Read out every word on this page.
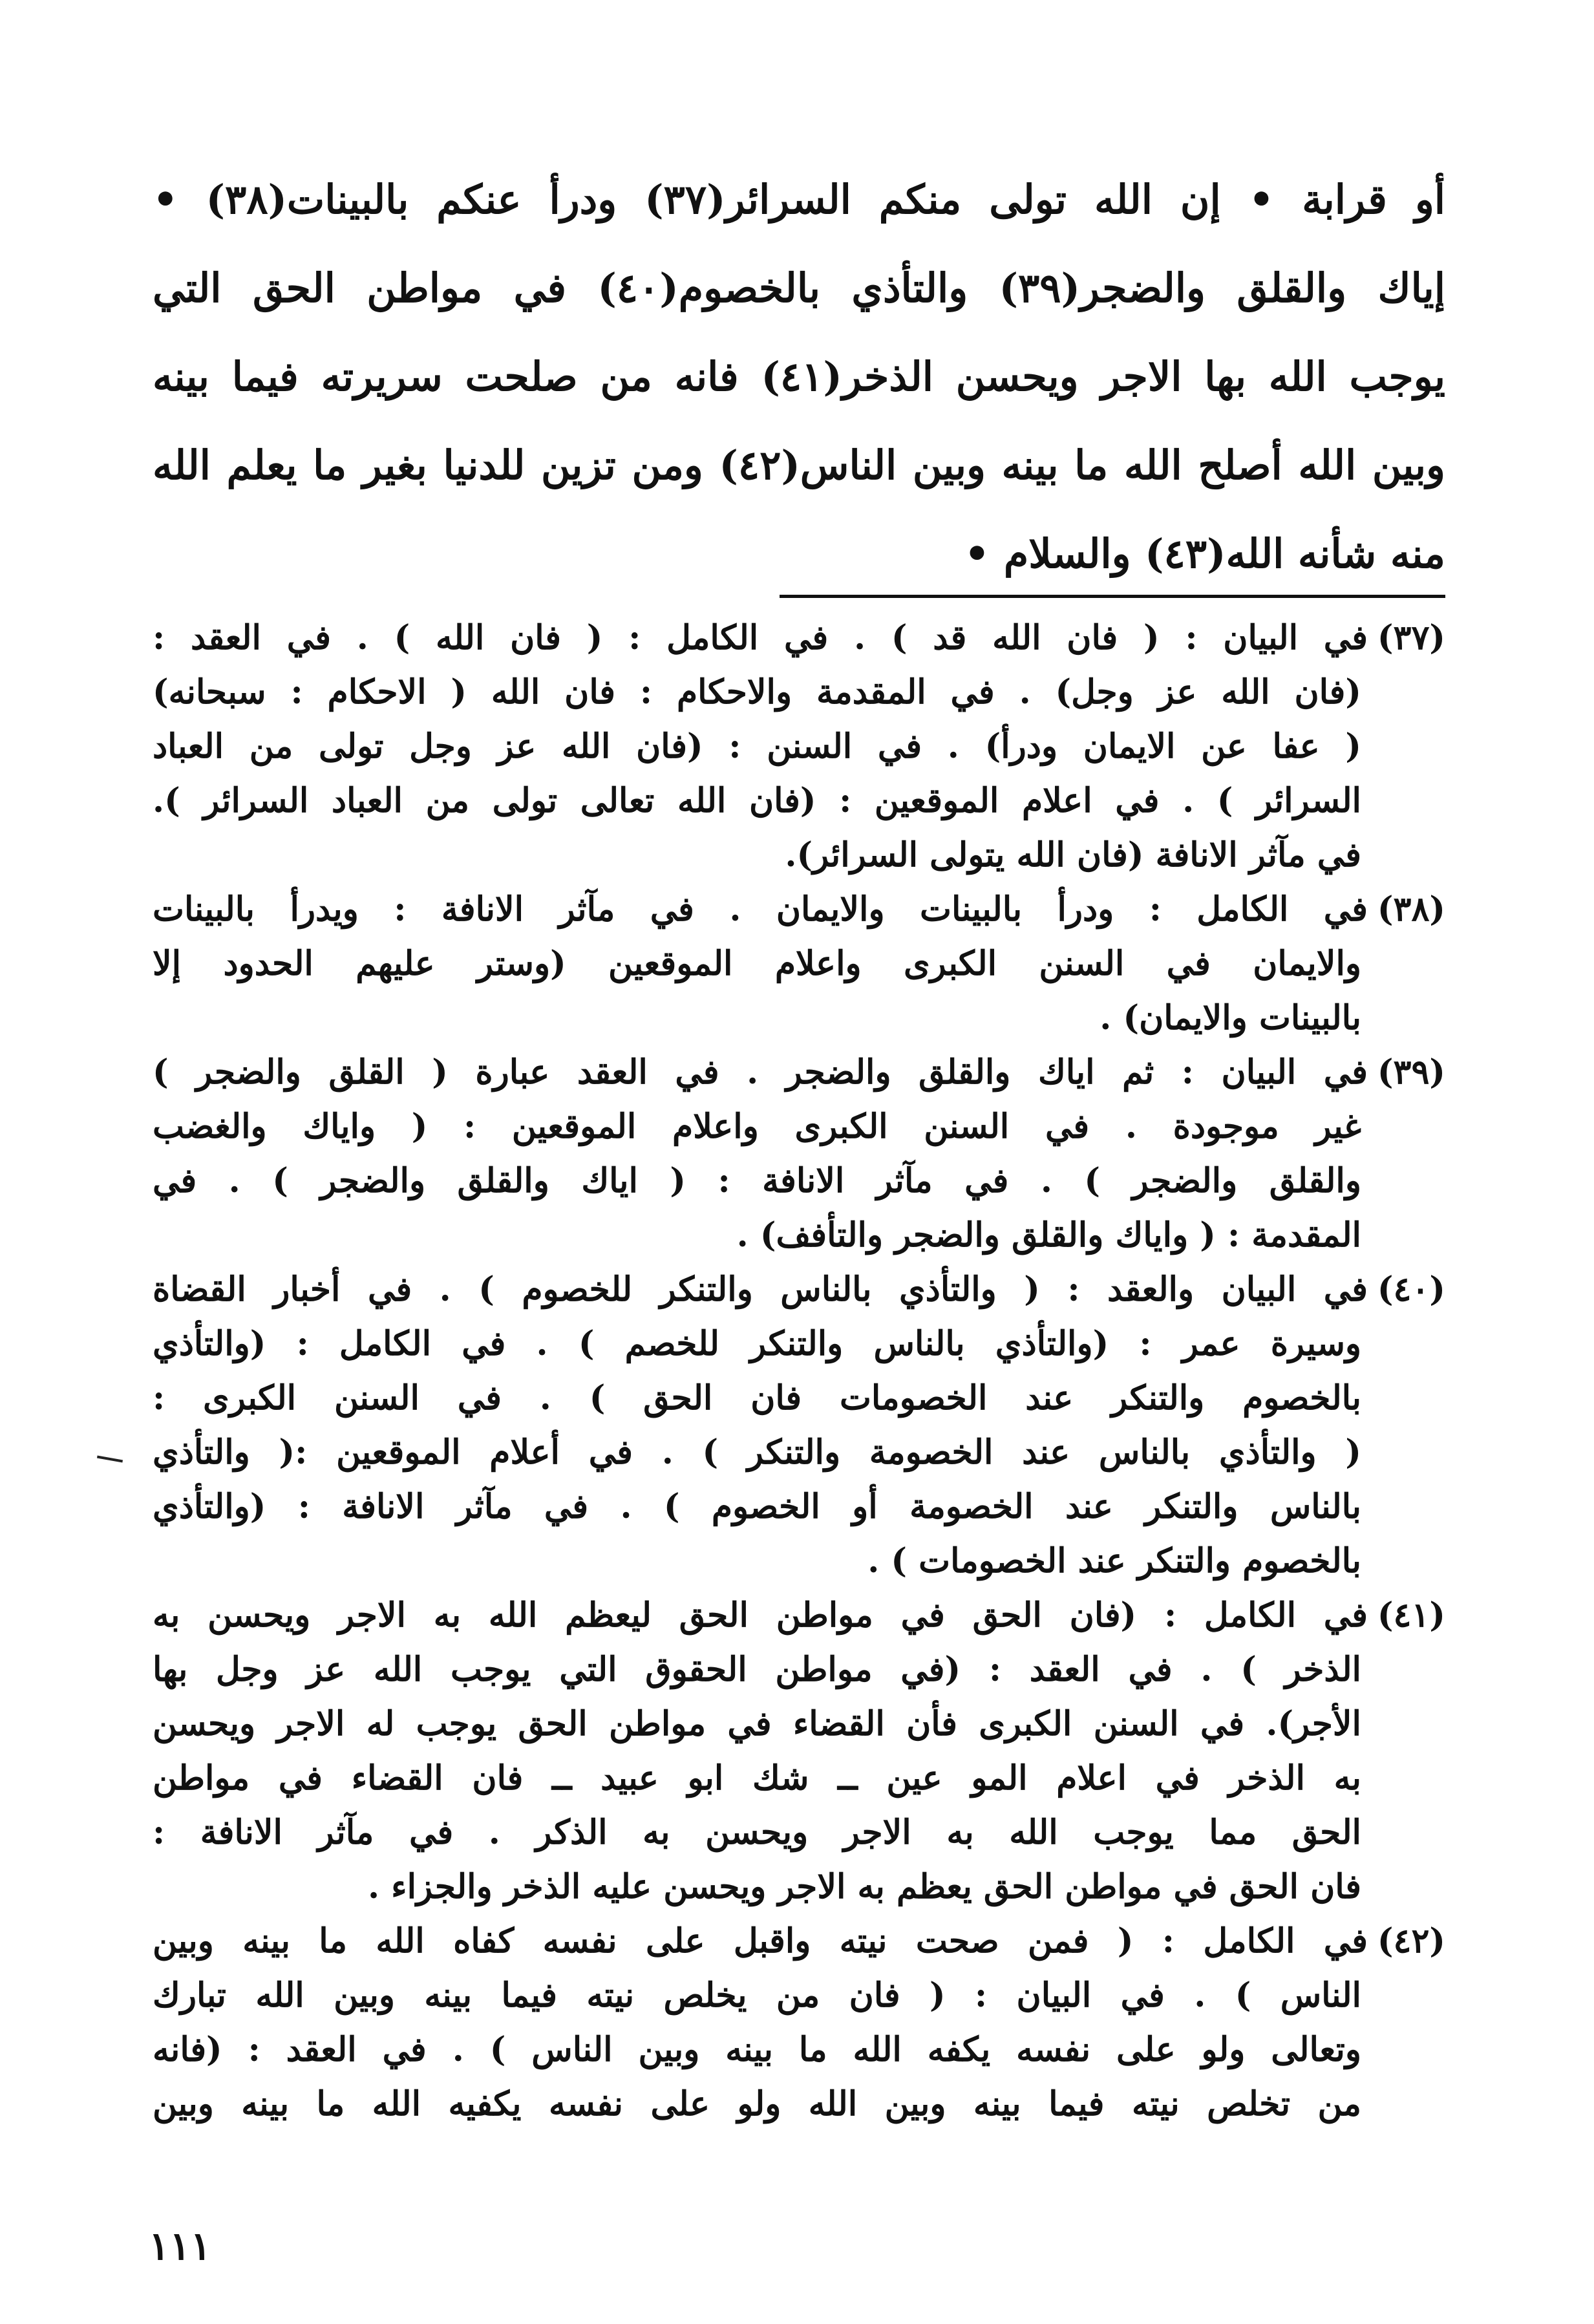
أو قرابة • إن الله تولى منكم السرائر(٣٧) ودرأ عنكم بالبينات(٣٨) •
إياك والقلق والضجر(٣٩) والتأذي بالخصوم(٤٠) في مواطن الحق التي
يوجب الله بها الاجر ويحسن الذخر(٤١) فانه من صلحت سريرته فيما بينه
وبين الله أصلح الله ما بينه وبين الناس(٤٢) ومن تزين للدنيا بغير ما يعلم الله
منه شأنه الله(٤٣) والسلام •
(٣٧)في البيان : ( فان الله قد ) . في الكامل : ( فان الله ) . في العقد :
(فان الله عز وجل) . في المقدمة والاحكام : فان الله ( الاحكام : سبحانه)
( عفا عن الايمان ودرأ) . في السنن : (فان الله عز وجل تولى من العباد
السرائر ) . في اعلام الموقعين : (فان الله تعالى تولى من العباد السرائر ).
في مآثر الانافة (فان الله يتولى السرائر).
(٣٨)في الكامل : ودرأ بالبينات والايمان . في مآثر الانافة : ويدرأ بالبينات
والايمان في السنن الكبرى واعلام الموقعين (وستر عليهم الحدود إلا
بالبينات والايمان) .
(٣٩)في البيان : ثم اياك والقلق والضجر . في العقد عبارة ( القلق والضجر )
غير موجودة . في السنن الكبرى واعلام الموقعين : ( واياك والغضب
والقلق والضجر ) . في مآثر الانافة : ( اياك والقلق والضجر ) . في
المقدمة : ( واياك والقلق والضجر والتأفف) .
(٤٠)في البيان والعقد : ( والتأذي بالناس والتنكر للخصوم ) . في أخبار القضاة
وسيرة عمر : (والتأذي بالناس والتنكر للخصم ) . في الكامل : (والتأذي
بالخصوم والتنكر عند الخصومات فان الحق ) . في السنن الكبرى :
( والتأذي بالناس عند الخصومة والتنكر ) . في أعلام الموقعين :( والتأذي
بالناس والتنكر عند الخصومة أو الخصوم ) . في مآثر الانافة : (والتأذي
بالخصوم والتنكر عند الخصومات ) .
(٤١)في الكامل : (فان الحق في مواطن الحق ليعظم الله به الاجر ويحسن به
الذخر ) . في العقد : (في مواطن الحقوق التي يوجب الله عز وجل بها
الأجر). في السنن الكبرى فأن القضاء في مواطن الحق يوجب له الاجر ويحسن
به الذخر في اعلام المو عين ــ شك ابو عبيد ــ فان القضاء في مواطن
الحق مما يوجب الله به الاجر ويحسن به الذكر . في مآثر الانافة :
فان الحق في مواطن الحق يعظم به الاجر ويحسن عليه الذخر والجزاء .
(٤٢)في الكامل : ( فمن صحت نيته واقبل على نفسه كفاه الله ما بينه وبين
الناس ) . في البيان : ( فان من يخلص نيته فيما بينه وبين الله تبارك
وتعالى ولو على نفسه يكفه الله ما بينه وبين الناس ) . في العقد : (فانه
من تخلص نيته فيما بينه وبين الله ولو على نفسه يكفيه الله ما بينه وبين
١١١
